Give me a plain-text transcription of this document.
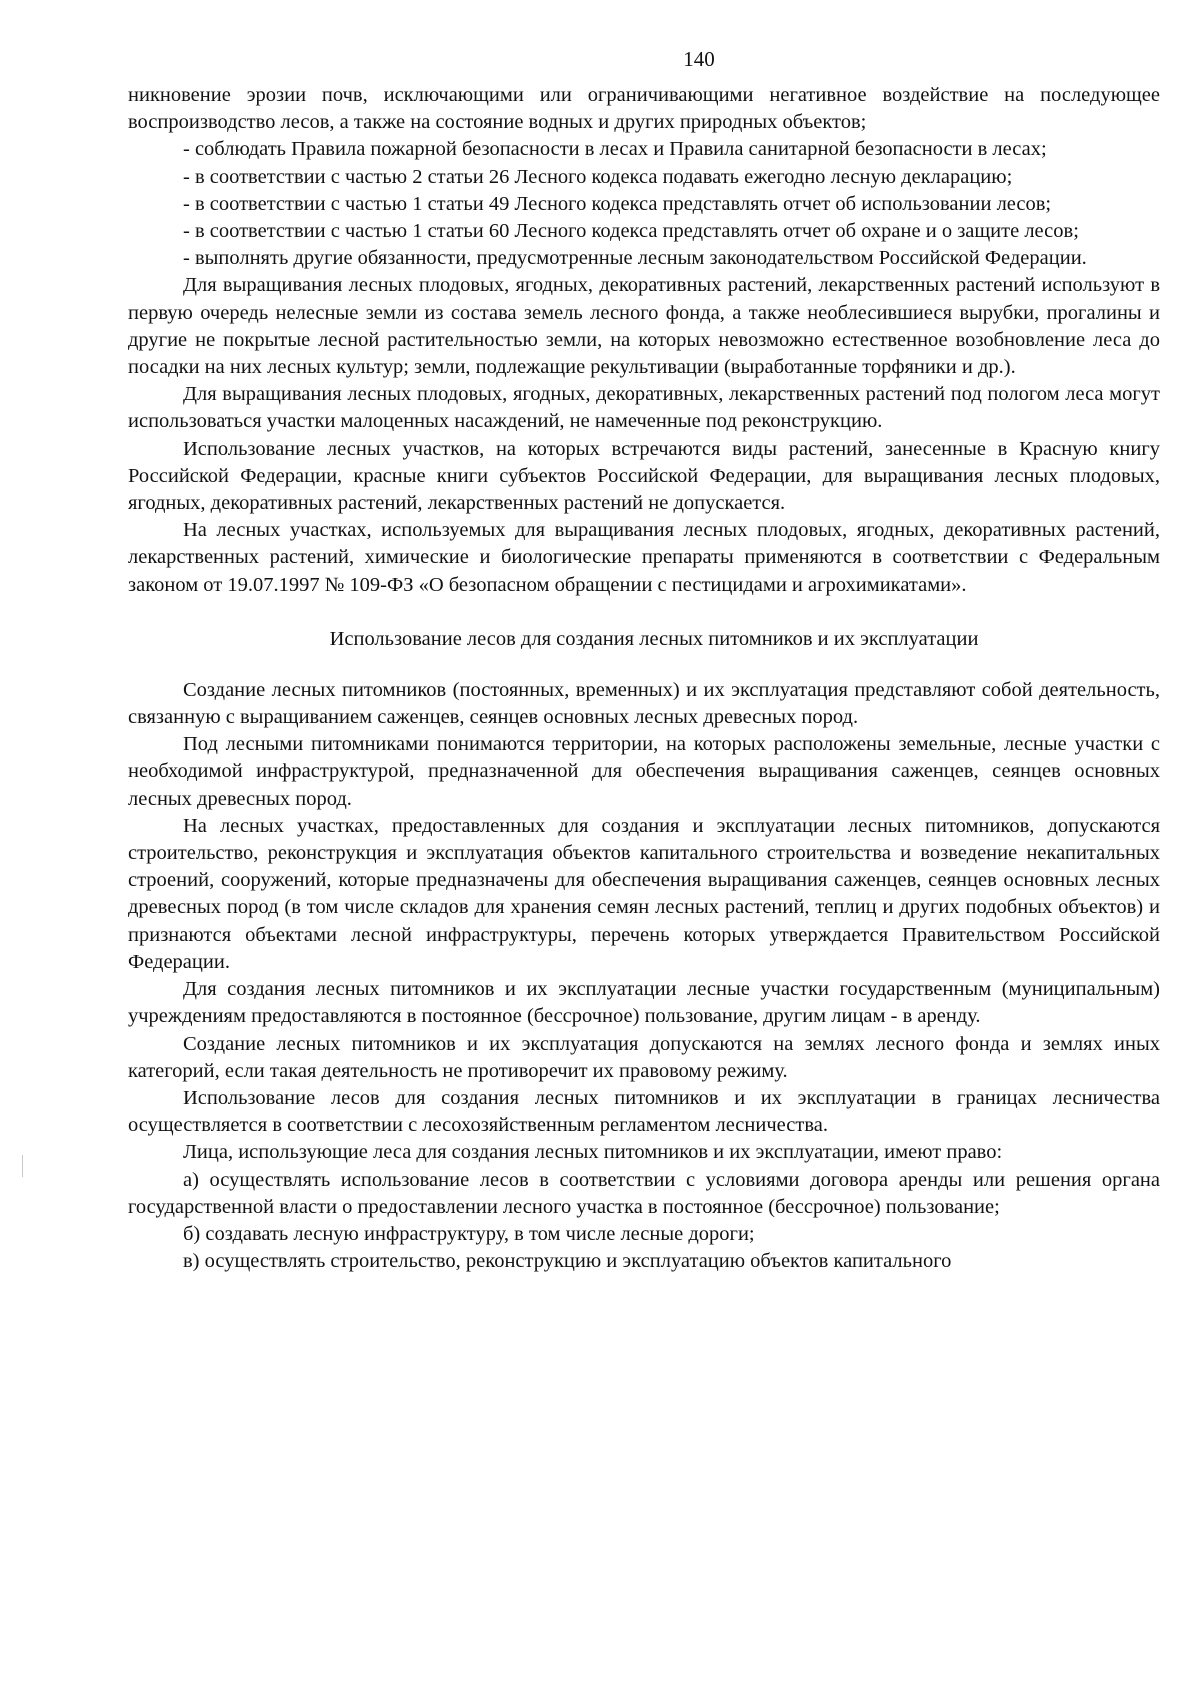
140

никновение эрозии почв, исключающими или ограничивающими негативное воздействие на последующее воспроизводство лесов, а также на состояние водных и других природных объектов;

- соблюдать Правила пожарной безопасности в лесах и Правила санитарной безопасности в лесах;

- в соответствии с частью 2 статьи 26 Лесного кодекса подавать ежегодно лесную декларацию;

- в соответствии с частью 1 статьи 49 Лесного кодекса представлять отчет об использовании лесов;

- в соответствии с частью 1 статьи 60 Лесного кодекса представлять отчет об охране и о защите лесов;

- выполнять другие обязанности, предусмотренные лесным законодательством Российской Федерации.

Для выращивания лесных плодовых, ягодных, декоративных растений, лекарственных растений используют в первую очередь нелесные земли из состава земель лесного фонда, а также необлесившиеся вырубки, прогалины и другие не покрытые лесной растительностью земли, на которых невозможно естественное возобновление леса до посадки на них лесных культур; земли, подлежащие рекультивации (выработанные торфяники и др.).

Для выращивания лесных плодовых, ягодных, декоративных, лекарственных растений под пологом леса могут использоваться участки малоценных насаждений, не намеченные под реконструкцию.

Использование лесных участков, на которых встречаются виды растений, занесенные в Красную книгу Российской Федерации, красные книги субъектов Российской Федерации, для выращивания лесных плодовых, ягодных, декоративных растений, лекарственных растений не допускается.

На лесных участках, используемых для выращивания лесных плодовых, ягодных, декоративных растений, лекарственных растений, химические и биологические препараты применяются в соответствии с Федеральным законом от 19.07.1997 № 109-ФЗ «О безопасном обращении с пестицидами и агрохимикатами».

Использование лесов для создания лесных питомников и их эксплуатации

Создание лесных питомников (постоянных, временных) и их эксплуатация представляют собой деятельность, связанную с выращиванием саженцев, сеянцев основных лесных древесных пород.

Под лесными питомниками понимаются территории, на которых расположены земельные, лесные участки с необходимой инфраструктурой, предназначенной для обеспечения выращивания саженцев, сеянцев основных лесных древесных пород.

На лесных участках, предоставленных для создания и эксплуатации лесных питомников, допускаются строительство, реконструкция и эксплуатация объектов капитального строительства и возведение некапитальных строений, сооружений, которые предназначены для обеспечения выращивания саженцев, сеянцев основных лесных древесных пород (в том числе складов для хранения семян лесных растений, теплиц и других подобных объектов) и признаются объектами лесной инфраструктуры, перечень которых утверждается Правительством Российской Федерации.

Для создания лесных питомников и их эксплуатации лесные участки государственным (муниципальным) учреждениям предоставляются в постоянное (бессрочное) пользование, другим лицам - в аренду.

Создание лесных питомников и их эксплуатация допускаются на землях лесного фонда и землях иных категорий, если такая деятельность не противоречит их правовому режиму.

Использование лесов для создания лесных питомников и их эксплуатации в границах лесничества осуществляется в соответствии с лесохозяйственным регламентом лесничества.

Лица, использующие леса для создания лесных питомников и их эксплуатации, имеют право:

а) осуществлять использование лесов в соответствии с условиями договора аренды или решения органа государственной власти о предоставлении лесного участка в постоянное (бессрочное) пользование;

б) создавать лесную инфраструктуру, в том числе лесные дороги;

в) осуществлять строительство, реконструкцию и эксплуатацию объектов капитального
